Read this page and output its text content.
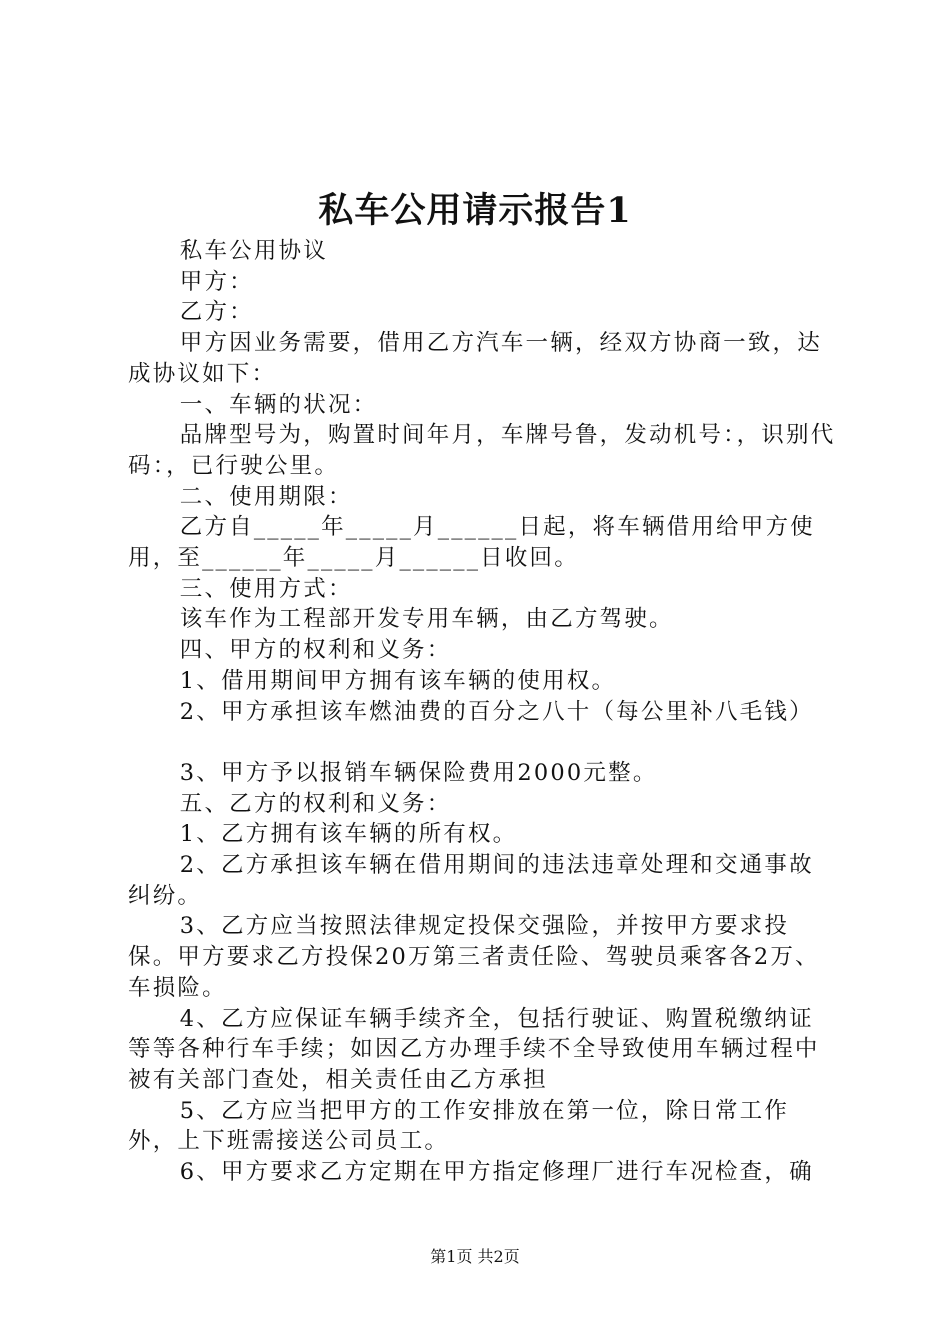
私车公用请示报告1

私车公用协议

甲方：

乙方：

甲方因业务需要，借用乙方汽车一辆，经双方协商一致，达成协议如下：

一、车辆的状况：

品牌型号为，购置时间年月，车牌号鲁，发动机号：，识别代码：，已行驶公里。

二、使用期限：

乙方自_____年_____月______日起，将车辆借用给甲方使用，至______年_____月______日收回。

三、使用方式：

该车作为工程部开发专用车辆，由乙方驾驶。

四、甲方的权利和义务：

1、借用期间甲方拥有该车辆的使用权。

2、甲方承担该车燃油费的百分之八十（每公里补八毛钱）

3、甲方予以报销车辆保险费用2000元整。

五、乙方的权利和义务：

1、乙方拥有该车辆的所有权。

2、乙方承担该车辆在借用期间的违法违章处理和交通事故纠纷。

3、乙方应当按照法律规定投保交强险，并按甲方要求投保。甲方要求乙方投保20万第三者责任险、驾驶员乘客各2万、车损险。

4、乙方应保证车辆手续齐全，包括行驶证、购置税缴纳证等等各种行车手续；如因乙方办理手续不全导致使用车辆过程中被有关部门查处，相关责任由乙方承担

5、乙方应当把甲方的工作安排放在第一位，除日常工作外，上下班需接送公司员工。

6、甲方要求乙方定期在甲方指定修理厂进行车况检查，确

第1页 共2页
